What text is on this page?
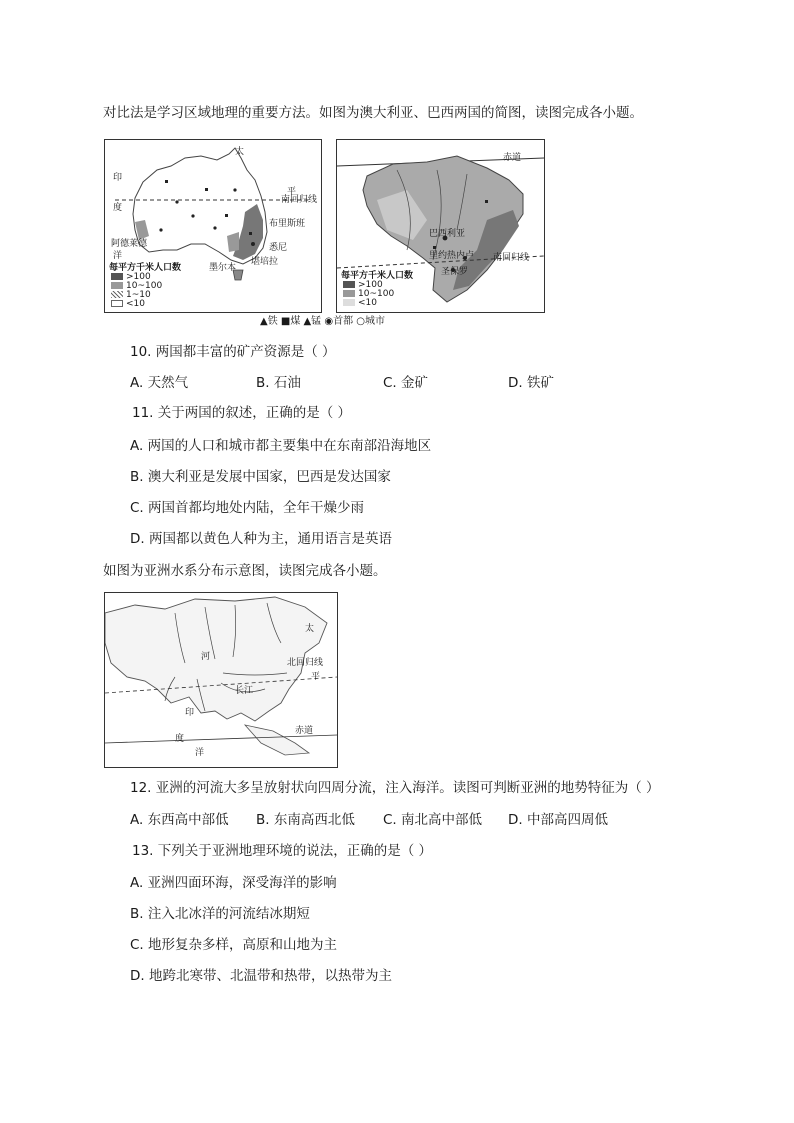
对比法是学习区域地理的重要方法。如图为澳大利亚、巴西两国的简图，读图完成各小题。
太
平
南回归线
布里斯班
悉尼
堪培拉
墨尔本
印
度
洋
阿德莱德
每平方千米人口数
>100
10~100
1~10
<10
赤道
南回归线
巴西利亚
里约热内卢
圣保罗
每平方千米人口数
>100
10~100
<10
▲铁 ■煤 ▲锰 ◉首都 ○城市
10. 两国都丰富的矿产资源是（ ）
A. 天然气	B. 石油	C. 金矿	D. 铁矿
11. 关于两国的叙述，正确的是（ ）
A. 两国的人口和城市都主要集中在东南部沿海地区
B. 澳大利亚是发展中国家，巴西是发达国家
C. 两国首都均地处内陆，全年干燥少雨
D. 两国都以黄色人种为主，通用语言是英语
如图为亚洲水系分布示意图，读图完成各小题。
太
平
北回归线
赤道
长江
印
度
洋
河
12. 亚洲的河流大多呈放射状向四周分流，注入海洋。读图可判断亚洲的地势特征为（ ）
A. 东西高中部低 B. 东南高西北低 C. 南北高中部低 D. 中部高四周低
13. 下列关于亚洲地理环境的说法，正确的是（ ）
A. 亚洲四面环海，深受海洋的影响
B. 注入北冰洋的河流结冰期短
C. 地形复杂多样，高原和山地为主
D. 地跨北寒带、北温带和热带，以热带为主
